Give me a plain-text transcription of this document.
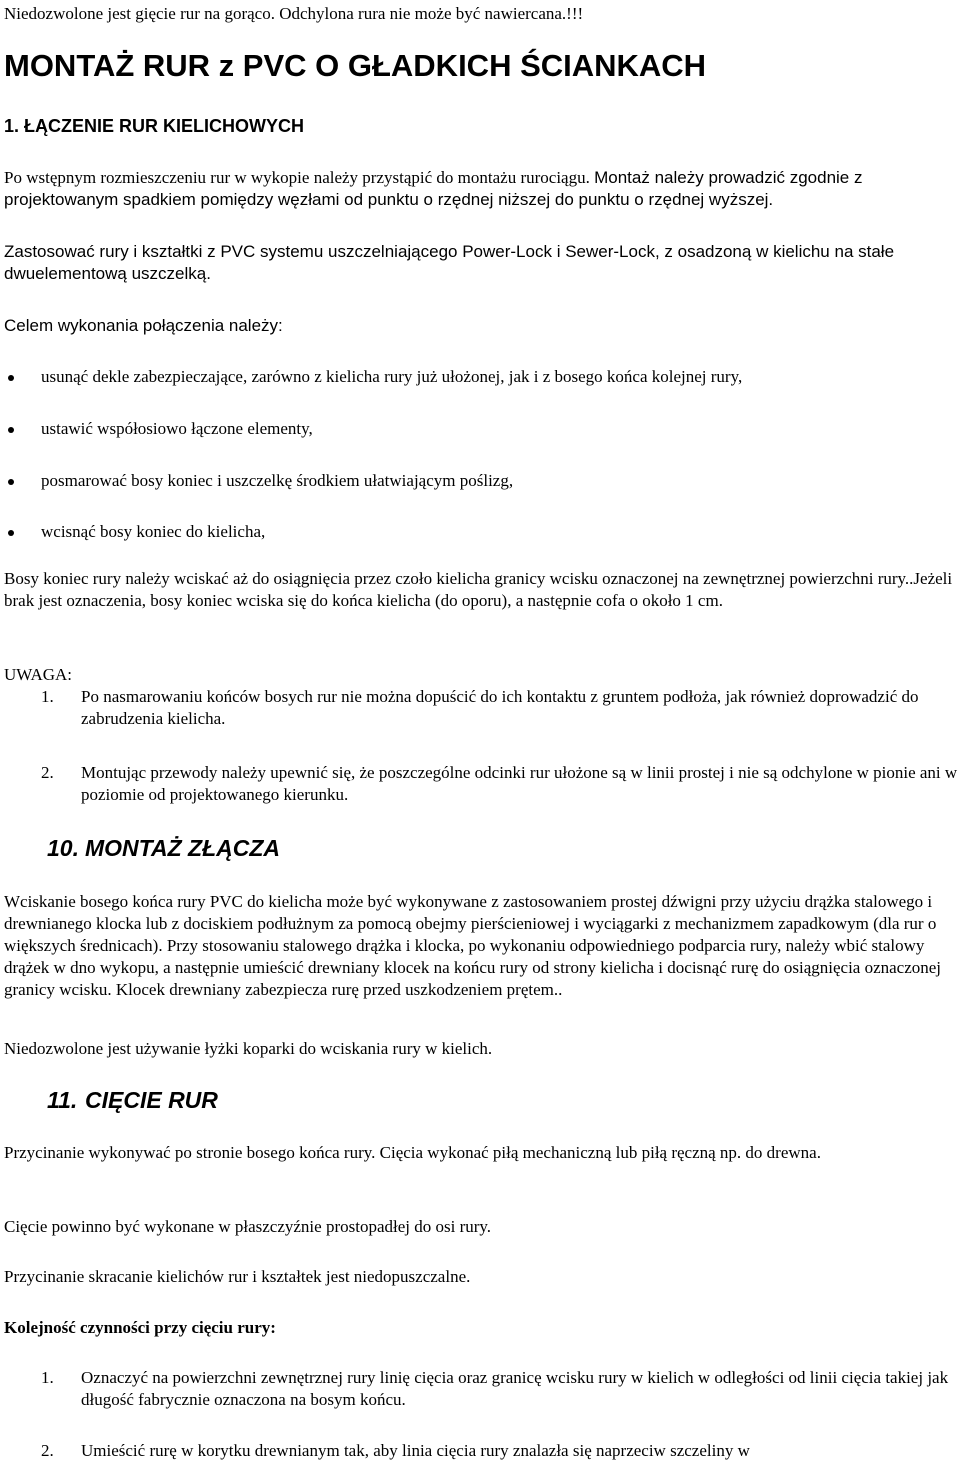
Niedozwolone jest gięcie rur na gorąco. Odchylona rura nie może być nawiercana.!!!

MONTAŻ RUR z PVC O GŁADKICH ŚCIANKACH
1. ŁĄCZENIE RUR KIELICHOWYCH

Po wstępnym rozmieszczeniu rur w wykopie należy przystąpić do montażu rurociągu. Montaż należy prowadzić zgodnie z projektowanym spadkiem pomiędzy węzłami od punktu o rzędnej niższej do punktu o rzędnej wyższej.

Zastosować rury i kształtki z PVC systemu uszczelniającego Power-Lock i Sewer-Lock, z osadzoną w kielichu na stałe dwuelementową uszczelką.

Celem wykonania połączenia należy:

usunąć dekle zabezpieczające, zarówno z kielicha rury już ułożonej, jak i z bosego końca kolejnej rury,
ustawić współosiowo łączone elementy,
posmarować bosy koniec i uszczelkę środkiem ułatwiającym poślizg,
wcisnąć bosy koniec do kielicha,

Bosy koniec rury należy wciskać aż do osiągnięcia przez czoło kielicha granicy wcisku oznaczonej na zewnętrznej powierzchni rury..Jeżeli brak jest oznaczenia, bosy koniec wciska się do końca kielicha (do oporu), a następnie cofa o około 1 cm.

UWAGA:

1. Po nasmarowaniu końców bosych rur nie można dopuścić do ich kontaktu z gruntem podłoża, jak również doprowadzić do zabrudzenia kielicha.
2. Montując przewody należy upewnić się, że poszczególne odcinki rur ułożone są w linii prostej i nie są odchylone w pionie ani w poziomie od projektowanego kierunku.
10. MONTAŻ ZŁĄCZA

Wciskanie bosego końca rury PVC do kielicha może być wykonywane z zastosowaniem prostej dźwigni przy użyciu drążka stalowego i drewnianego klocka lub z dociskiem podłużnym za pomocą obejmy pierścieniowej i wyciągarki z mechanizmem zapadkowym (dla rur o większych średnicach). Przy stosowaniu stalowego drążka i klocka, po wykonaniu odpowiedniego podparcia rury, należy wbić stalowy drążek w dno wykopu, a następnie umieścić drewniany klocek na końcu rury od strony kielicha i docisnąć rurę do osiągnięcia oznaczonej granicy wcisku. Klocek drewniany zabezpiecza rurę przed uszkodzeniem prętem..

Niedozwolone jest używanie łyżki koparki do wciskania rury w kielich.

11. CIĘCIE RUR

Przycinanie wykonywać po stronie bosego końca rury. Cięcia wykonać piłą mechaniczną lub piłą ręczną np. do drewna.

Cięcie powinno być wykonane w płaszczyźnie prostopadłej do osi rury.

Przycinanie skracanie kielichów rur i kształtek jest niedopuszczalne.

Kolejność czynności przy cięciu rury:

1. Oznaczyć na powierzchni zewnętrznej rury linię cięcia oraz granicę wcisku rury w kielich w odległości od linii cięcia takiej jak długość fabrycznie oznaczona na bosym końcu.
2. Umieścić rurę w korytku drewnianym tak, aby linia cięcia rury znalazła się naprzeciw szczeliny w
